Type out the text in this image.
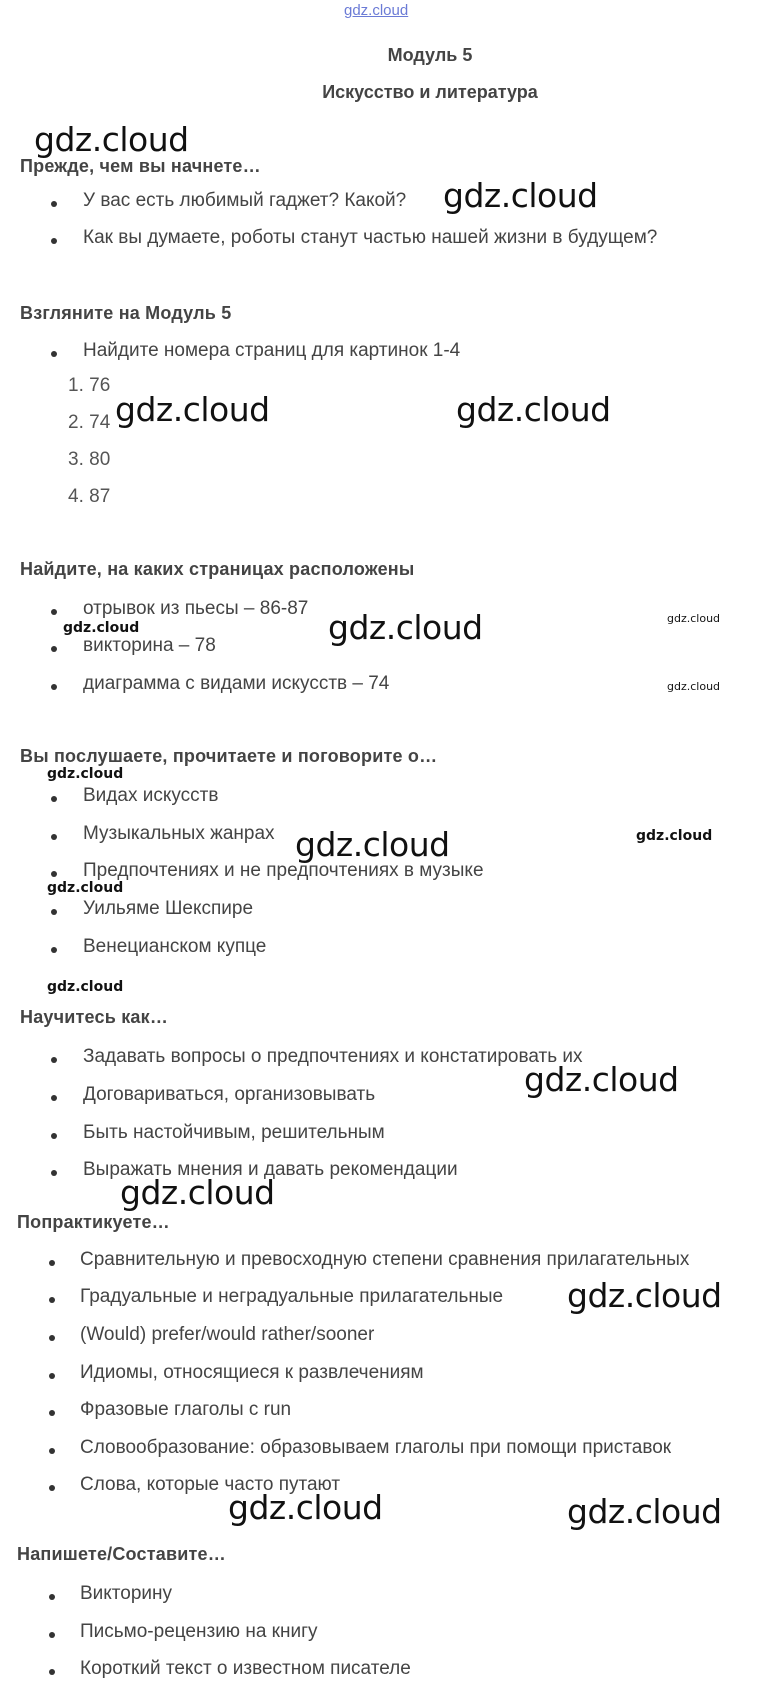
gdz.cloud
Модуль 5
Искусство и литература
Прежде, чем вы начнете…
У вас есть любимый гаджет? Какой?
Как вы думаете, роботы станут частью нашей жизни в будущем?
Взгляните на Модуль 5
Найдите номера страниц для картинок 1-4
1. 76
2. 74
3. 80
4. 87
Найдите, на каких страницах расположены
отрывок из пьесы – 86-87
викторина – 78
диаграмма с видами искусств – 74
Вы послушаете, прочитаете и поговорите о…
Видах искусств
Музыкальных жанрах
Предпочтениях и не предпочтениях в музыке
Уильяме Шекспире
Венецианском купце
Научитесь как…
Задавать вопросы о предпочтениях и констатировать их
Договариваться, организовывать
Быть настойчивым, решительным
Выражать мнения и давать рекомендации
Попрактикуете…
Сравнительную и превосходную степени сравнения прилагательных
Градуальные и неградуальные прилагательные
(Would) prefer/would rather/sooner
Идиомы, относящиеся к развлечениям
Фразовые глаголы с run
Словообразование: образовываем глаголы при помощи приставок
Слова, которые часто путают
Напишете/Составите…
Викторину
Письмо-рецензию на книгу
Короткий текст о известном писателе
gdz.cloud
gdz.cloud
gdz.cloud	gdz.cloud
gdz.cloud	gdz.cloud	gdz.cloud
gdz.cloud
gdz.cloud
gdz.cloud	gdz.cloud
gdz.cloud
gdz.cloud
gdz.cloud
gdz.cloud
gdz.cloud
gdz.cloud	gdz.cloud
